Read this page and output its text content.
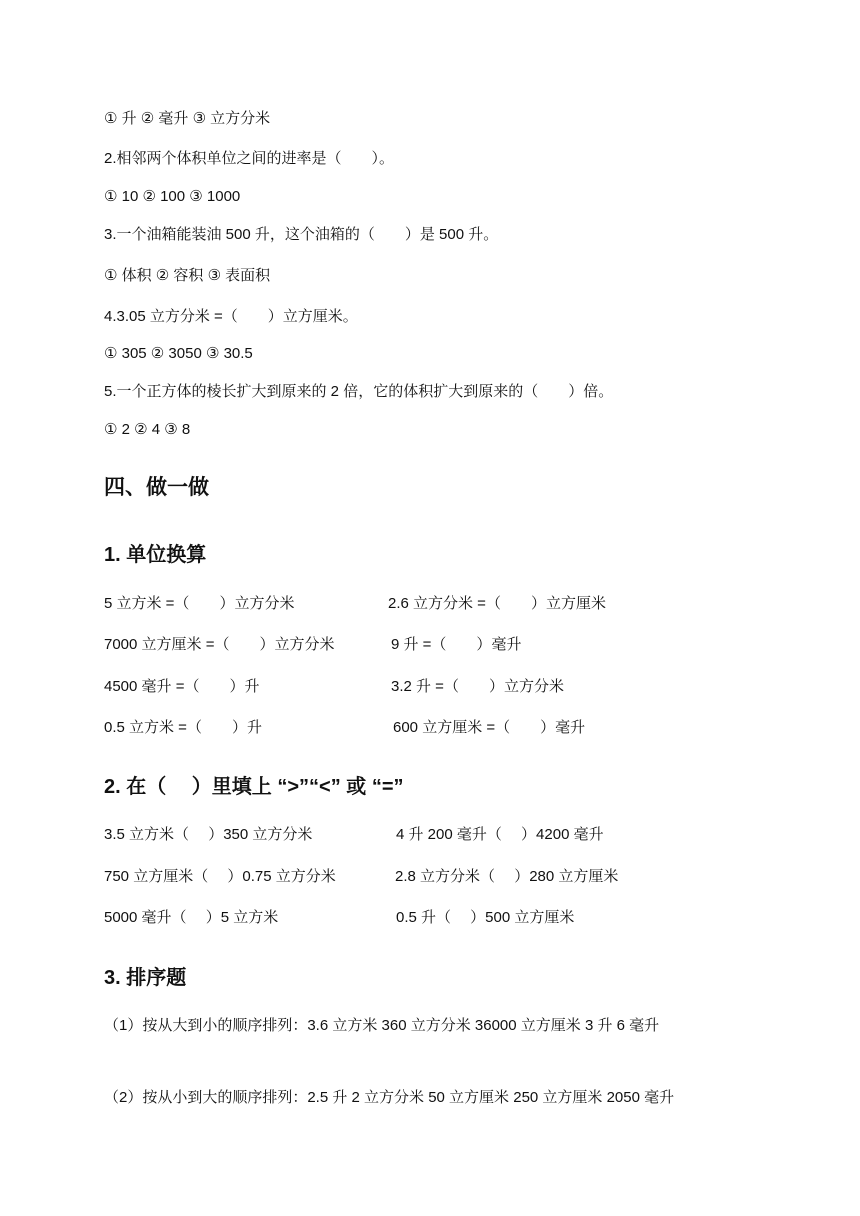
① 升 ② 毫升 ③ 立方分米
2.相邻两个体积单位之间的进率是（　　）。
① 10 ② 100 ③ 1000
3.一个油箱能装油 500 升，这个油箱的（　　）是 500 升。
① 体积 ② 容积 ③ 表面积
4.3.05 立方分米 =（　　）立方厘米。
① 305 ② 3050 ③ 30.5
5.一个正方体的棱长扩大到原来的 2 倍，它的体积扩大到原来的（　　）倍。
① 2 ② 4 ③ 8
四、做一做
1. 单位换算
5 立方米 =（　　）立方分米	2.6 立方分米 =（　　）立方厘米
7000 立方厘米 =（　　）立方分米	9 升 =（　　）毫升
4500 毫升 =（　　）升	3.2 升 =（　　）立方分米
0.5 立方米 =（　　）升	600 立方厘米 =（　　）毫升
2. 在（　 ）里填上 “>”“<” 或 “=”
3.5 立方米（　 ）350 立方分米	4 升 200 毫升（　 ）4200 毫升
750 立方厘米（　 ）0.75 立方分米	2.8 立方分米（　 ）280 立方厘米
5000 毫升（　 ）5 立方米	0.5 升（　 ）500 立方厘米
3. 排序题
（1）按从大到小的顺序排列：3.6 立方米 360 立方分米 36000 立方厘米 3 升 6 毫升
（2）按从小到大的顺序排列：2.5 升 2 立方分米 50 立方厘米 250 立方厘米 2050 毫升
